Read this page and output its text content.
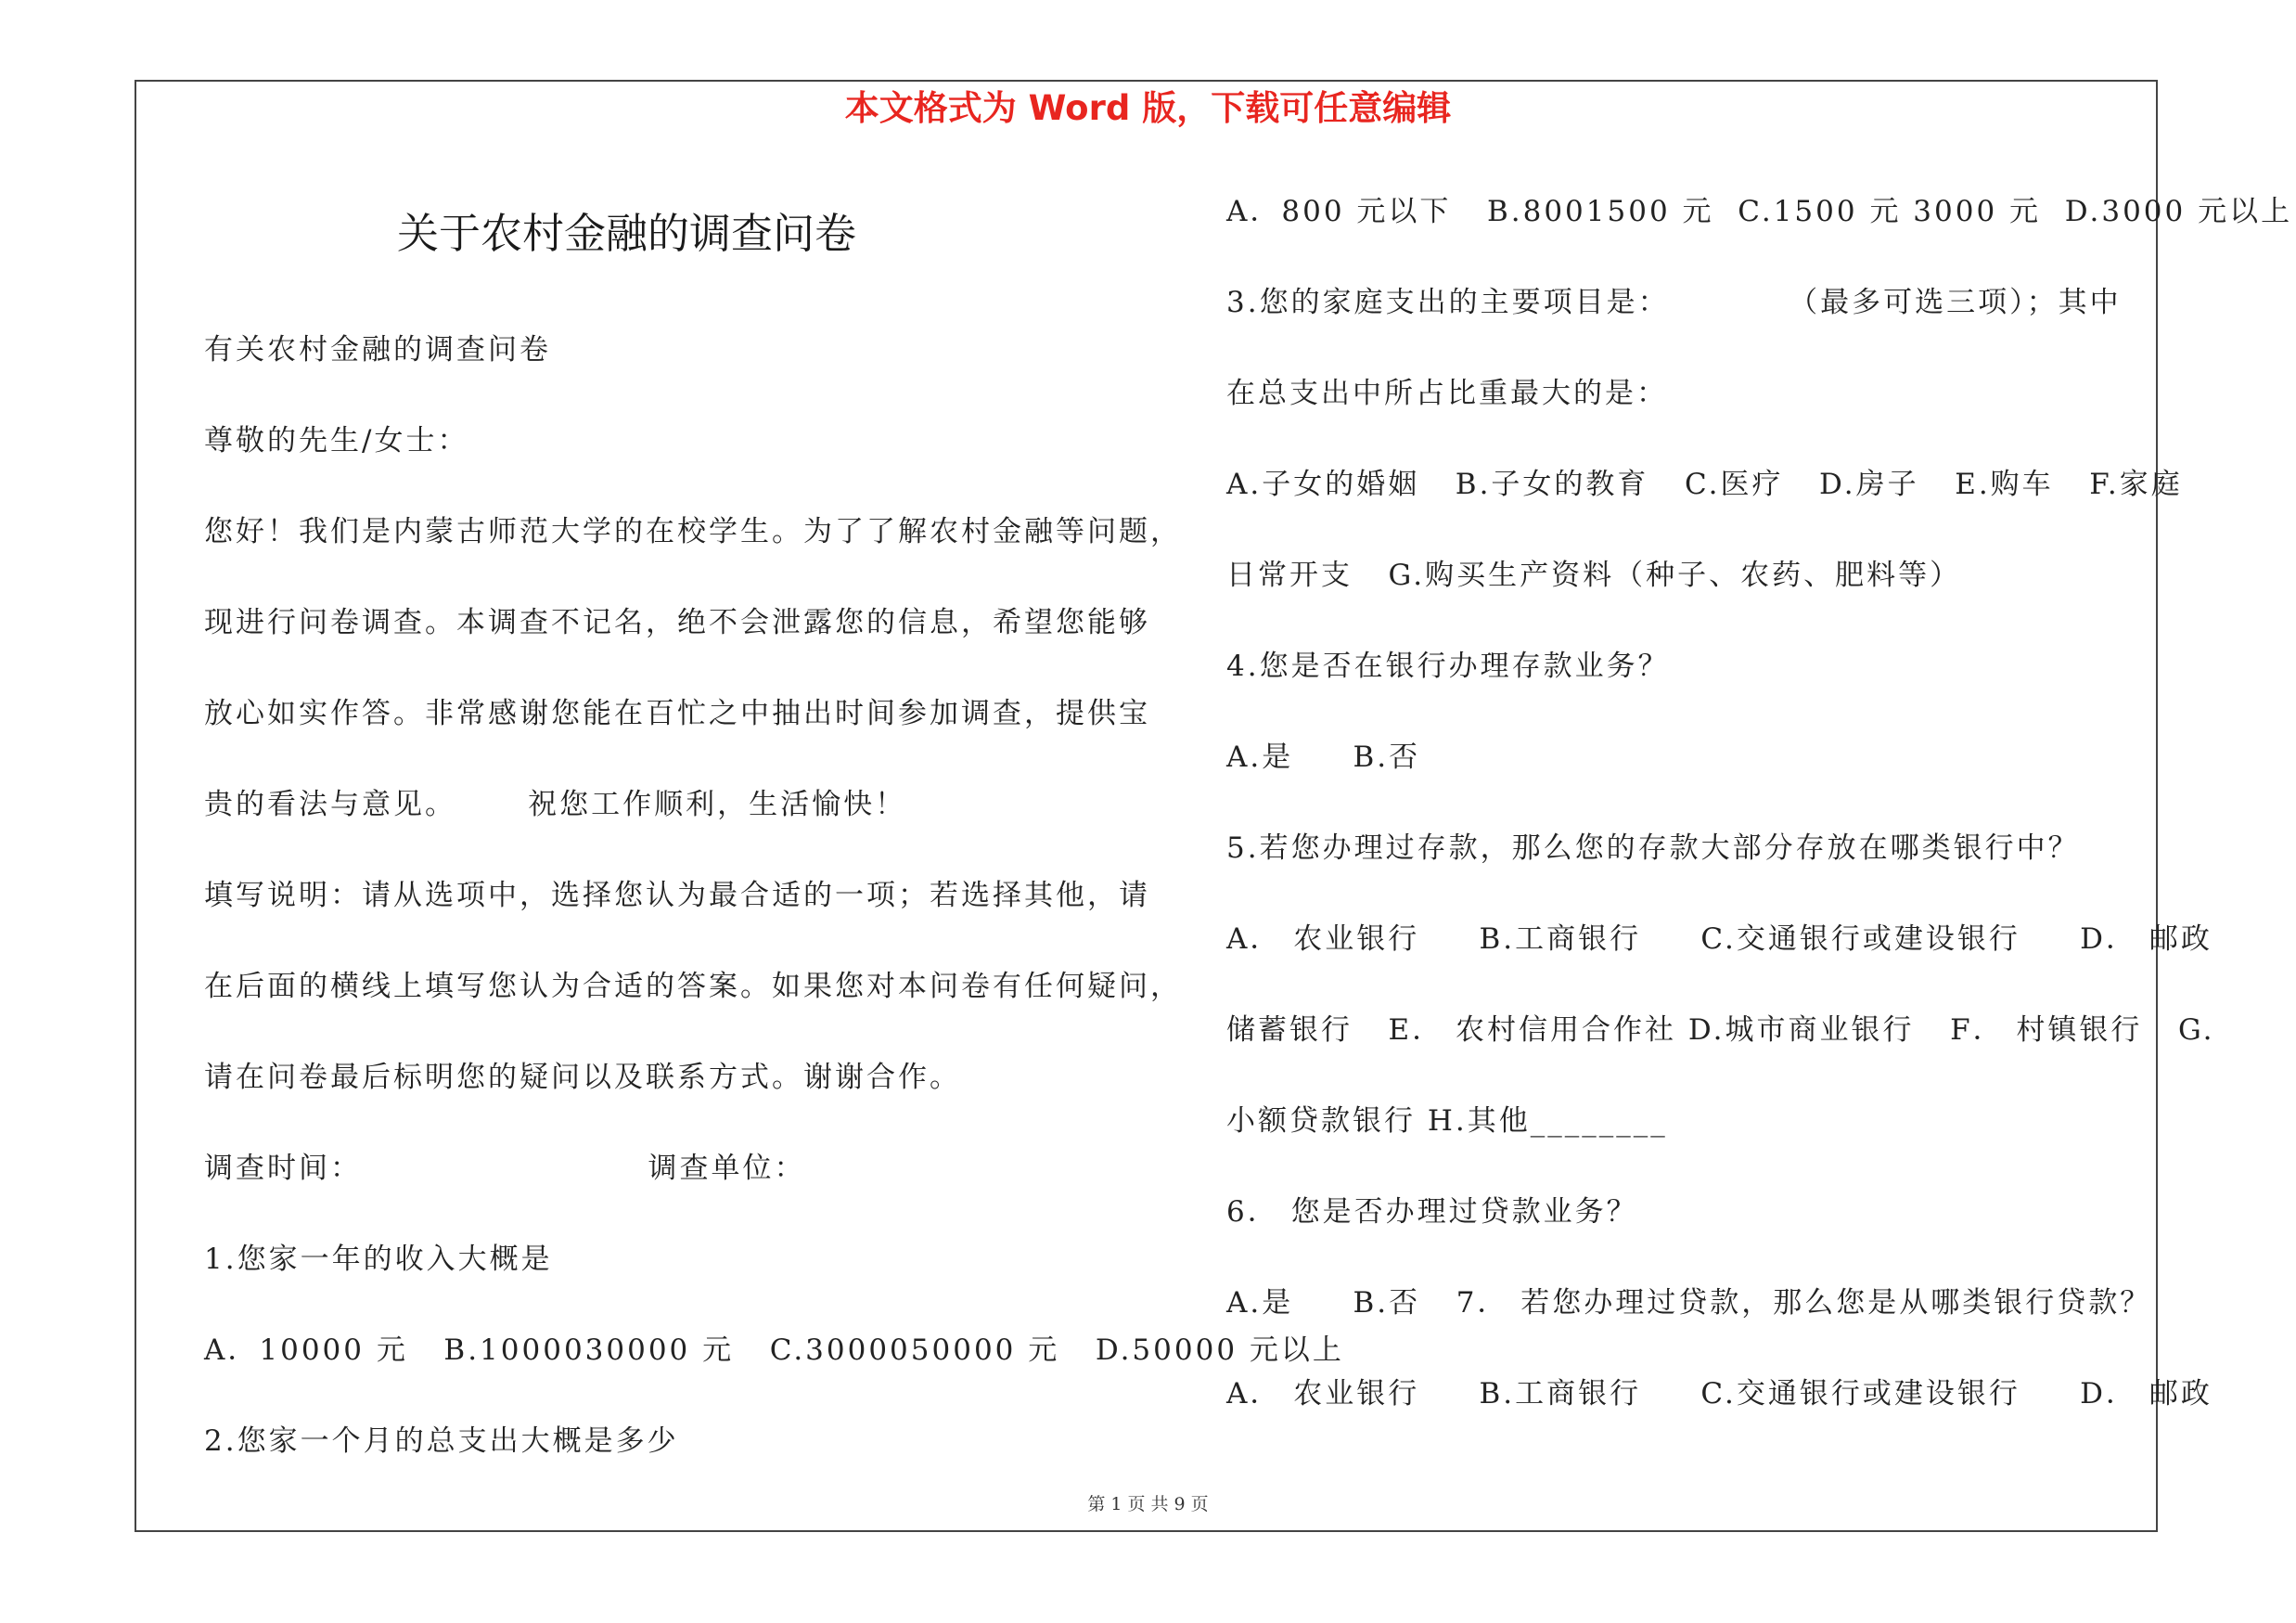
本文格式为 Word 版，下载可任意编辑
关于农村金融的调查问卷
有关农村金融的调查问卷
尊敬的先生/女士：
您好！我们是内蒙古师范大学的在校学生。为了了解农村金融等问题，
现进行问卷调查。本调查不记名，绝不会泄露您的信息，希望您能够
放心如实作答。非常感谢您能在百忙之中抽出时间参加调查，提供宝
贵的看法与意见。      祝您工作顺利，生活愉快！
填写说明：请从选项中，选择您认为最合适的一项；若选择其他，请
在后面的横线上填写您认为合适的答案。如果您对本问卷有任何疑问，
请在问卷最后标明您的疑问以及联系方式。谢谢合作。
调查时间：                        调查单位：
1.您家一年的收入大概是
A．10000 元   B.1000030000 元   C.3000050000 元   D.50000 元以上
2.您家一个月的总支出大概是多少
A．800 元以下   B.8001500 元  C.1500 元 3000 元  D.3000 元以上
3.您的家庭支出的主要项目是：          （最多可选三项）；其中
在总支出中所占比重最大的是：
A.子女的婚姻   B.子女的教育   C.医疗   D.房子   E.购车   F.家庭
日常开支   G.购买生产资料（种子、农药、肥料等）
4.您是否在银行办理存款业务？
A.是     B.否
5.若您办理过存款，那么您的存款大部分存放在哪类银行中？
A． 农业银行     B.工商银行     C.交通银行或建设银行     D． 邮政
储蓄银行   E． 农村信用合作社 D.城市商业银行   F． 村镇银行   G.
小额贷款银行 H.其他________
6． 您是否办理过贷款业务？
A.是     B.否   7． 若您办理过贷款，那么您是从哪类银行贷款？
A． 农业银行     B.工商银行     C.交通银行或建设银行     D． 邮政
第 1 页 共 9 页
